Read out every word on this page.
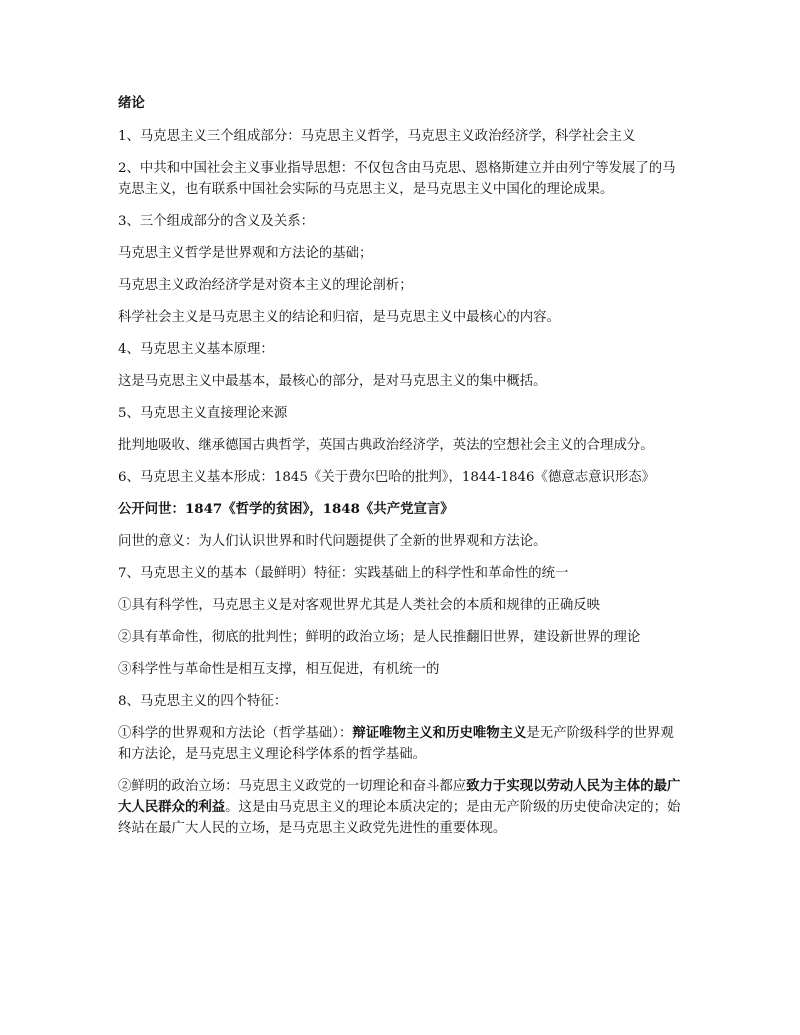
绪论

1、马克思主义三个组成部分：马克思主义哲学，马克思主义政治经济学，科学社会主义

2、中共和中国社会主义事业指导思想：不仅包含由马克思、恩格斯建立并由列宁等发展了的马克思主义，也有联系中国社会实际的马克思主义，是马克思主义中国化的理论成果。

3、三个组成部分的含义及关系：

马克思主义哲学是世界观和方法论的基础；

马克思主义政治经济学是对资本主义的理论剖析；

科学社会主义是马克思主义的结论和归宿，是马克思主义中最核心的内容。

4、马克思主义基本原理：

这是马克思主义中最基本，最核心的部分，是对马克思主义的集中概括。

5、马克思主义直接理论来源

批判地吸收、继承德国古典哲学，英国古典政治经济学，英法的空想社会主义的合理成分。

6、马克思主义基本形成：1845《关于费尔巴哈的批判》，1844-1846《德意志意识形态》

公开问世：1847《哲学的贫困》，1848《共产党宣言》

问世的意义：为人们认识世界和时代问题提供了全新的世界观和方法论。

7、马克思主义的基本（最鲜明）特征：实践基础上的科学性和革命性的统一

①具有科学性，马克思主义是对客观世界尤其是人类社会的本质和规律的正确反映

②具有革命性，彻底的批判性；鲜明的政治立场；是人民推翻旧世界，建设新世界的理论

③科学性与革命性是相互支撑，相互促进，有机统一的

8、马克思主义的四个特征：

①科学的世界观和方法论（哲学基础）：辩证唯物主义和历史唯物主义是无产阶级科学的世界观和方法论，是马克思主义理论科学体系的哲学基础。

②鲜明的政治立场：马克思主义政党的一切理论和奋斗都应致力于实现以劳动人民为主体的最广大人民群众的利益。这是由马克思主义的理论本质决定的；是由无产阶级的历史使命决定的；始终站在最广大人民的立场，是马克思主义政党先进性的重要体现。
